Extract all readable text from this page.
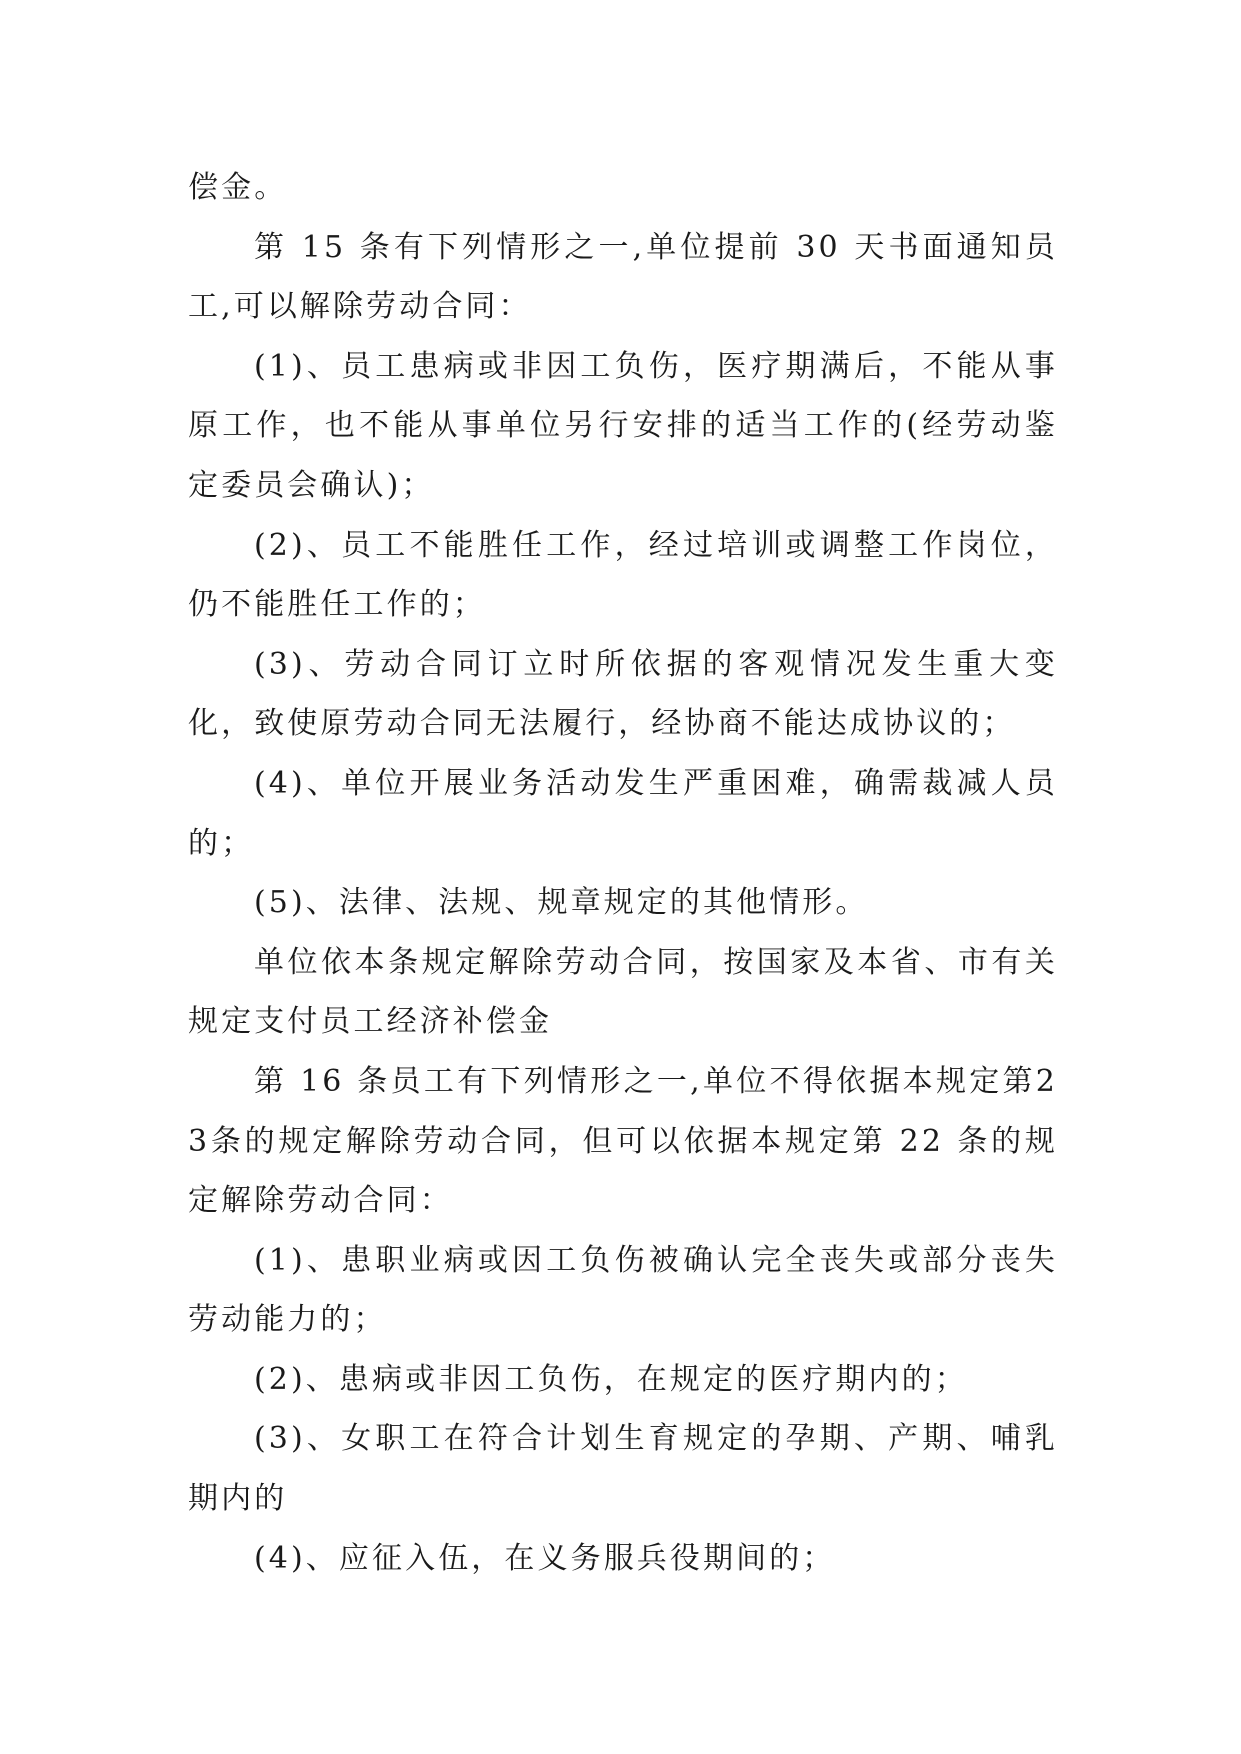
偿金。

第 15 条有下列情形之一,单位提前 30 天书面通知员工,可以解除劳动合同：

(1)、员工患病或非因工负伤，医疗期满后，不能从事原工作，也不能从事单位另行安排的适当工作的(经劳动鉴定委员会确认)；

(2)、员工不能胜任工作，经过培训或调整工作岗位，仍不能胜任工作的；

(3)、劳动合同订立时所依据的客观情况发生重大变化，致使原劳动合同无法履行，经协商不能达成协议的；

(4)、单位开展业务活动发生严重困难，确需裁减人员的；

(5)、法律、法规、规章规定的其他情形。

单位依本条规定解除劳动合同，按国家及本省、市有关规定支付员工经济补偿金

第 16 条员工有下列情形之一,单位不得依据本规定第23条的规定解除劳动合同，但可以依据本规定第 22 条的规定解除劳动合同：

(1)、患职业病或因工负伤被确认完全丧失或部分丧失劳动能力的；

(2)、患病或非因工负伤，在规定的医疗期内的；

(3)、女职工在符合计划生育规定的孕期、产期、哺乳期内的

(4)、应征入伍，在义务服兵役期间的；
